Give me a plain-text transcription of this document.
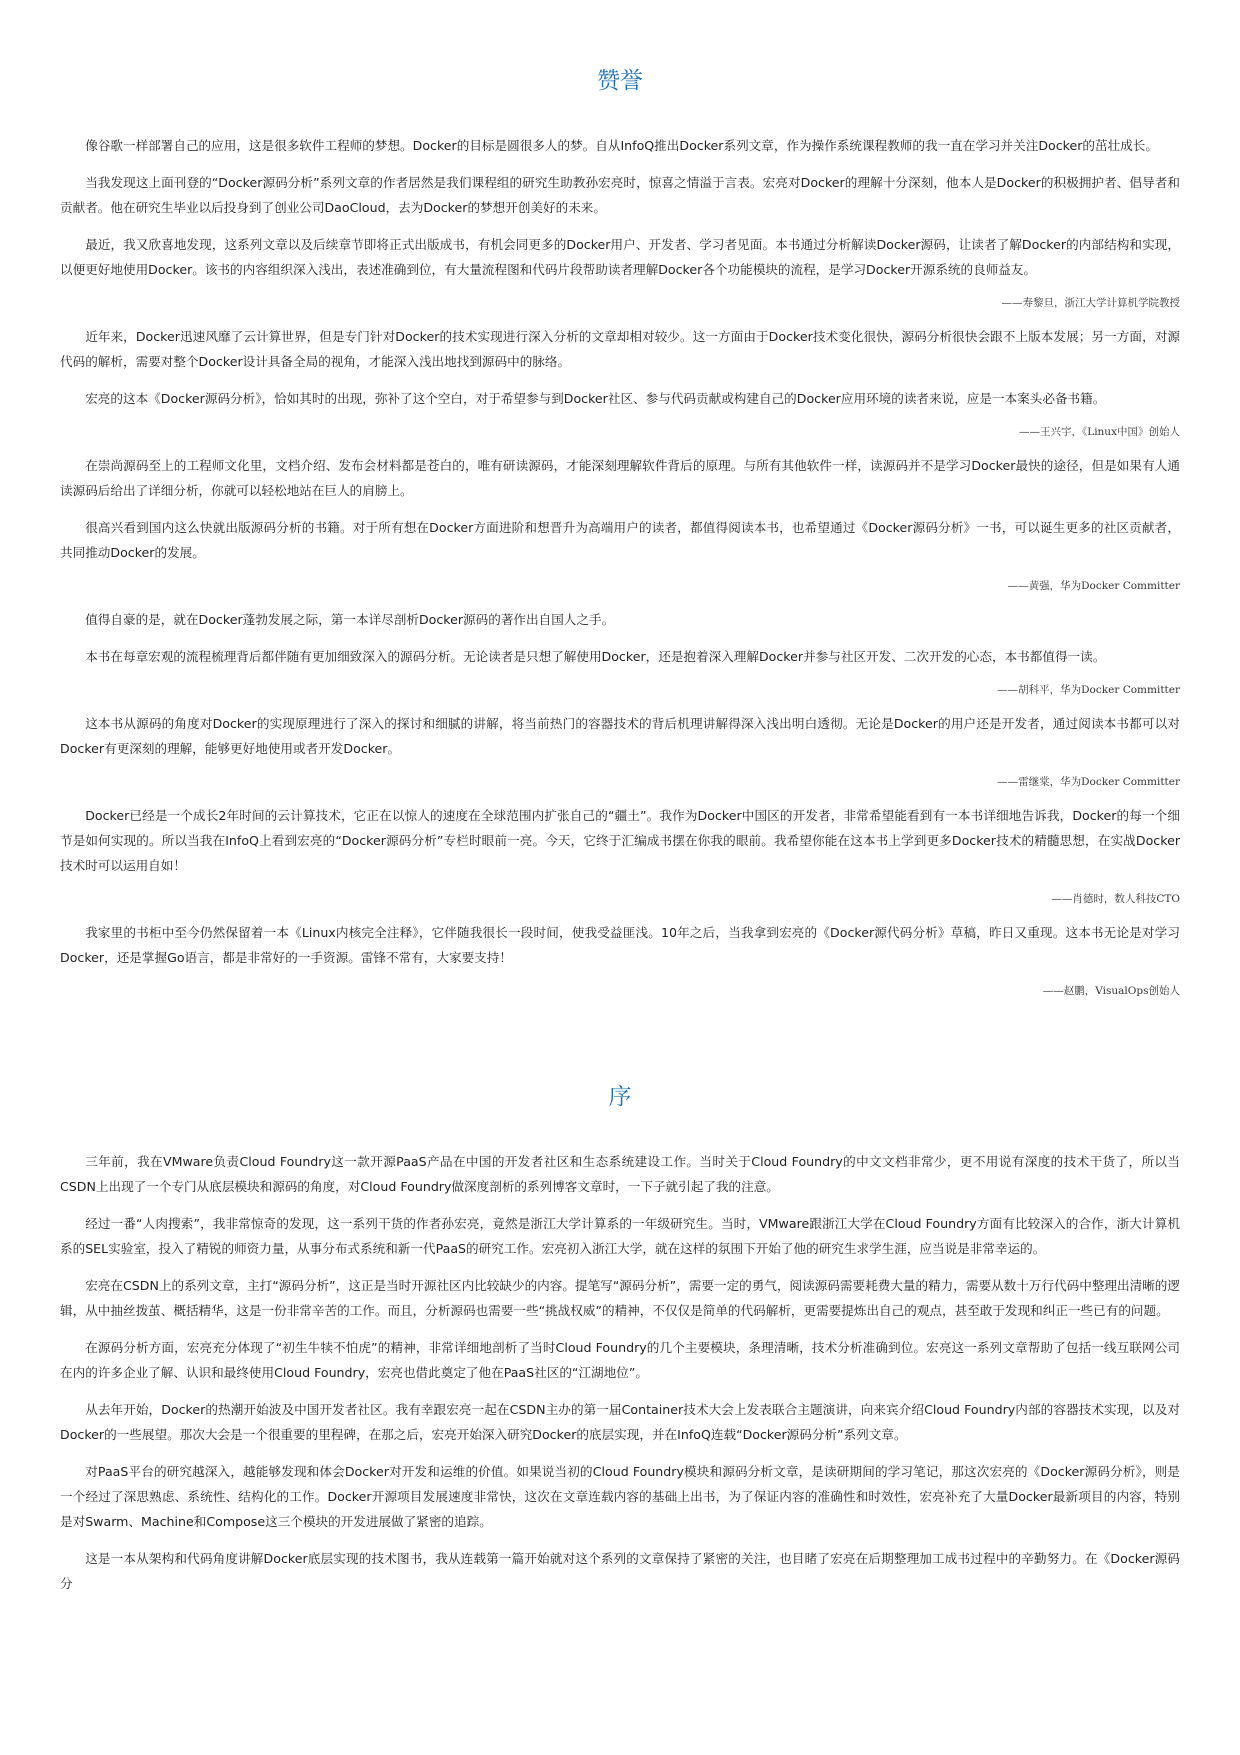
赞誉

像谷歌一样部署自己的应用，这是很多软件工程师的梦想。Docker的目标是圆很多人的梦。自从InfoQ推出Docker系列文章，作为操作系统课程教师的我一直在学习并关注Docker的茁壮成长。

当我发现这上面刊登的“Docker源码分析”系列文章的作者居然是我们课程组的研究生助教孙宏亮时，惊喜之情溢于言表。宏亮对Docker的理解十分深刻，他本人是Docker的积极拥护者、倡导者和贡献者。他在研究生毕业以后投身到了创业公司DaoCloud，去为Docker的梦想开创美好的未来。

最近，我又欣喜地发现，这系列文章以及后续章节即将正式出版成书，有机会同更多的Docker用户、开发者、学习者见面。本书通过分析解读Docker源码，让读者了解Docker的内部结构和实现，以便更好地使用Docker。该书的内容组织深入浅出，表述准确到位，有大量流程图和代码片段帮助读者理解Docker各个功能模块的流程，是学习Docker开源系统的良师益友。

——寿黎旦，浙江大学计算机学院教授

近年来，Docker迅速风靡了云计算世界，但是专门针对Docker的技术实现进行深入分析的文章却相对较少。这一方面由于Docker技术变化很快，源码分析很快会跟不上版本发展；另一方面，对源代码的解析，需要对整个Docker设计具备全局的视角，才能深入浅出地找到源码中的脉络。

宏亮的这本《Docker源码分析》，恰如其时的出现，弥补了这个空白，对于希望参与到Docker社区、参与代码贡献或构建自己的Docker应用环境的读者来说，应是一本案头必备书籍。

——王兴宇，《Linux中国》创始人

在崇尚源码至上的工程师文化里，文档介绍、发布会材料都是苍白的，唯有研读源码，才能深刻理解软件背后的原理。与所有其他软件一样，读源码并不是学习Docker最快的途径，但是如果有人通读源码后给出了详细分析，你就可以轻松地站在巨人的肩膀上。

很高兴看到国内这么快就出版源码分析的书籍。对于所有想在Docker方面进阶和想晋升为高端用户的读者，都值得阅读本书，也希望通过《Docker源码分析》一书，可以诞生更多的社区贡献者，共同推动Docker的发展。

——黄强，华为Docker Committer

值得自豪的是，就在Docker蓬勃发展之际，第一本详尽剖析Docker源码的著作出自国人之手。

本书在每章宏观的流程梳理背后都伴随有更加细致深入的源码分析。无论读者是只想了解使用Docker，还是抱着深入理解Docker并参与社区开发、二次开发的心态，本书都值得一读。

——胡科平，华为Docker Committer

这本书从源码的角度对Docker的实现原理进行了深入的探讨和细腻的讲解，将当前热门的容器技术的背后机理讲解得深入浅出明白透彻。无论是Docker的用户还是开发者，通过阅读本书都可以对Docker有更深刻的理解，能够更好地使用或者开发Docker。

——雷继棠，华为Docker Committer

Docker已经是一个成长2年时间的云计算技术，它正在以惊人的速度在全球范围内扩张自己的“疆土”。我作为Docker中国区的开发者，非常希望能看到有一本书详细地告诉我，Docker的每一个细节是如何实现的。所以当我在InfoQ上看到宏亮的“Docker源码分析”专栏时眼前一亮。今天，它终于汇编成书摆在你我的眼前。我希望你能在这本书上学到更多Docker技术的精髓思想，在实战Docker技术时可以运用自如！

——肖德时，数人科技CTO

我家里的书柜中至今仍然保留着一本《Linux内核完全注释》，它伴随我很长一段时间，使我受益匪浅。10年之后，当我拿到宏亮的《Docker源代码分析》草稿，昨日又重现。这本书无论是对学习Docker，还是掌握Go语言，都是非常好的一手资源。雷锋不常有，大家要支持！

——赵鹏，VisualOps创始人
序

三年前，我在VMware负责Cloud Foundry这一款开源PaaS产品在中国的开发者社区和生态系统建设工作。当时关于Cloud Foundry的中文文档非常少，更不用说有深度的技术干货了，所以当CSDN上出现了一个专门从底层模块和源码的角度，对Cloud Foundry做深度剖析的系列博客文章时，一下子就引起了我的注意。

经过一番“人肉搜索”，我非常惊奇的发现，这一系列干货的作者孙宏亮，竟然是浙江大学计算系的一年级研究生。当时，VMware跟浙江大学在Cloud Foundry方面有比较深入的合作，浙大计算机系的SEL实验室，投入了精锐的师资力量，从事分布式系统和新一代PaaS的研究工作。宏亮初入浙江大学，就在这样的氛围下开始了他的研究生求学生涯，应当说是非常幸运的。

宏亮在CSDN上的系列文章，主打“源码分析”，这正是当时开源社区内比较缺少的内容。提笔写“源码分析”，需要一定的勇气，阅读源码需要耗费大量的精力，需要从数十万行代码中整理出清晰的逻辑，从中抽丝拨茧、概括精华，这是一份非常辛苦的工作。而且，分析源码也需要一些“挑战权威”的精神，不仅仅是简单的代码解析，更需要提炼出自己的观点，甚至敢于发现和纠正一些已有的问题。

在源码分析方面，宏亮充分体现了“初生牛犊不怕虎”的精神，非常详细地剖析了当时Cloud Foundry的几个主要模块，条理清晰，技术分析准确到位。宏亮这一系列文章帮助了包括一线互联网公司在内的许多企业了解、认识和最终使用Cloud Foundry，宏亮也借此奠定了他在PaaS社区的“江湖地位”。

从去年开始，Docker的热潮开始波及中国开发者社区。我有幸跟宏亮一起在CSDN主办的第一届Container技术大会上发表联合主题演讲，向来宾介绍Cloud Foundry内部的容器技术实现，以及对Docker的一些展望。那次大会是一个很重要的里程碑，在那之后，宏亮开始深入研究Docker的底层实现，并在InfoQ连载“Docker源码分析”系列文章。

对PaaS平台的研究越深入，越能够发现和体会Docker对开发和运维的价值。如果说当初的Cloud Foundry模块和源码分析文章，是读研期间的学习笔记，那这次宏亮的《Docker源码分析》，则是一个经过了深思熟虑、系统性、结构化的工作。Docker开源项目发展速度非常快，这次在文章连载内容的基础上出书，为了保证内容的准确性和时效性，宏亮补充了大量Docker最新项目的内容，特别是对Swarm、Machine和Compose这三个模块的开发进展做了紧密的追踪。

这是一本从架构和代码角度讲解Docker底层实现的技术图书，我从连载第一篇开始就对这个系列的文章保持了紧密的关注，也目睹了宏亮在后期整理加工成书过程中的辛勤努力。在《Docker源码分
